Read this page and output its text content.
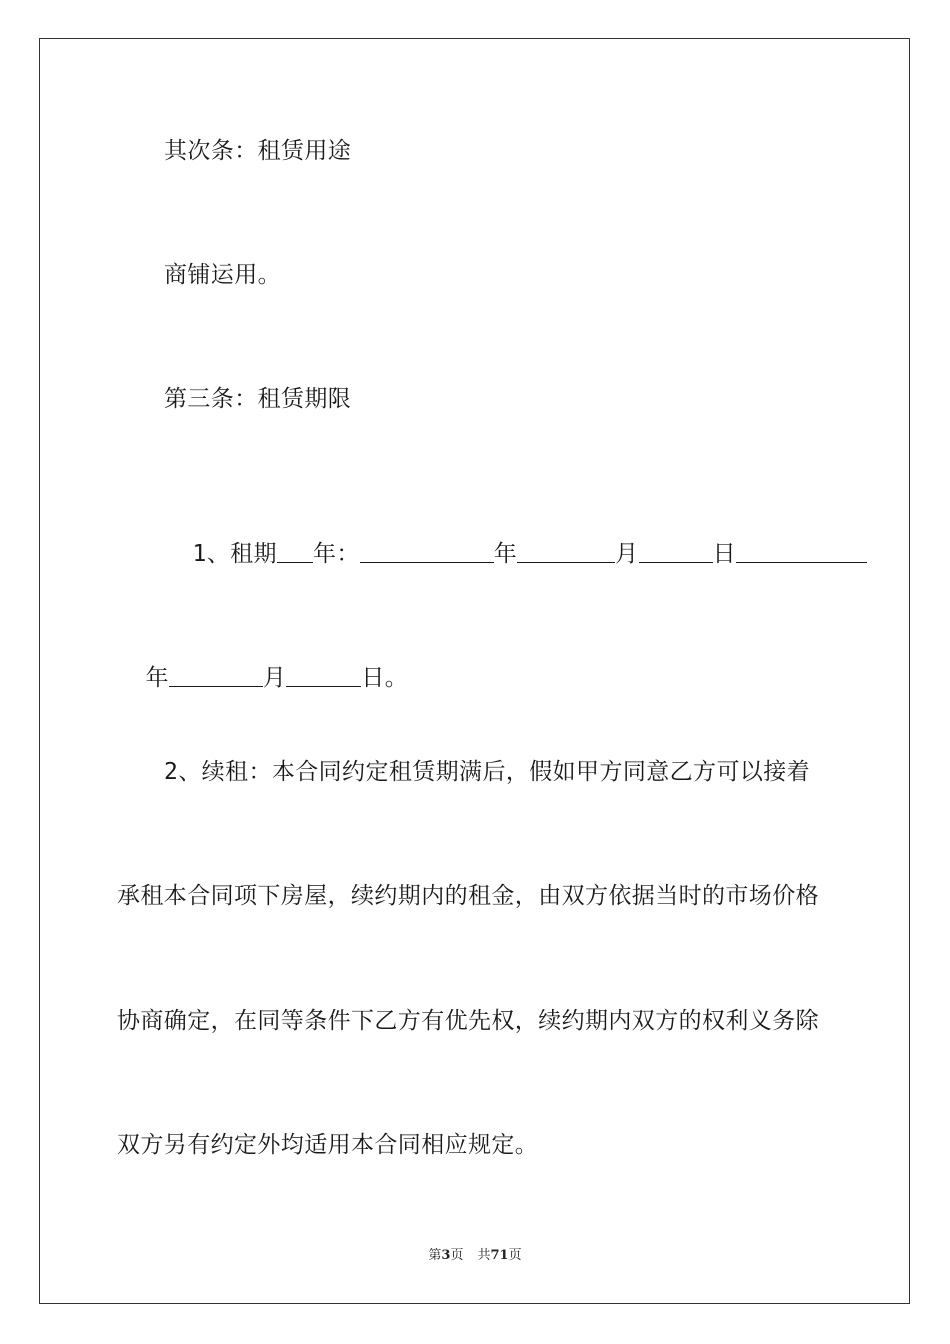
其次条：租赁用途
商铺运用。
第三条：租赁期限

1、租期 年：	年	月	日

年	月	日。

2、续租：本合同约定租赁期满后，假如甲方同意乙方可以接着
承租本合同项下房屋，续约期内的租金，由双方依据当时的市场价格
协商确定，在同等条件下乙方有优先权，续约期内双方的权利义务除
双方另有约定外均适用本合同相应规定。
第3页 共71页
